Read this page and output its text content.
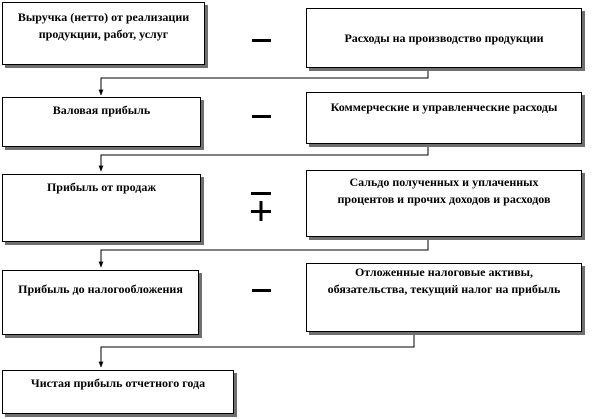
Выручка (нетто) от реализации продукции, работ, услуг
Валовая прибыль
Прибыль от продаж
Прибыль до налогообложения
Чистая прибыль отчетного года
Расходы на производство продукции
Коммерческие и управленческие расходы
Сальдо полученных и уплаченных процентов и прочих доходов и расходов
Отложенные налоговые активы, обязательства, текущий налог на прибыль
